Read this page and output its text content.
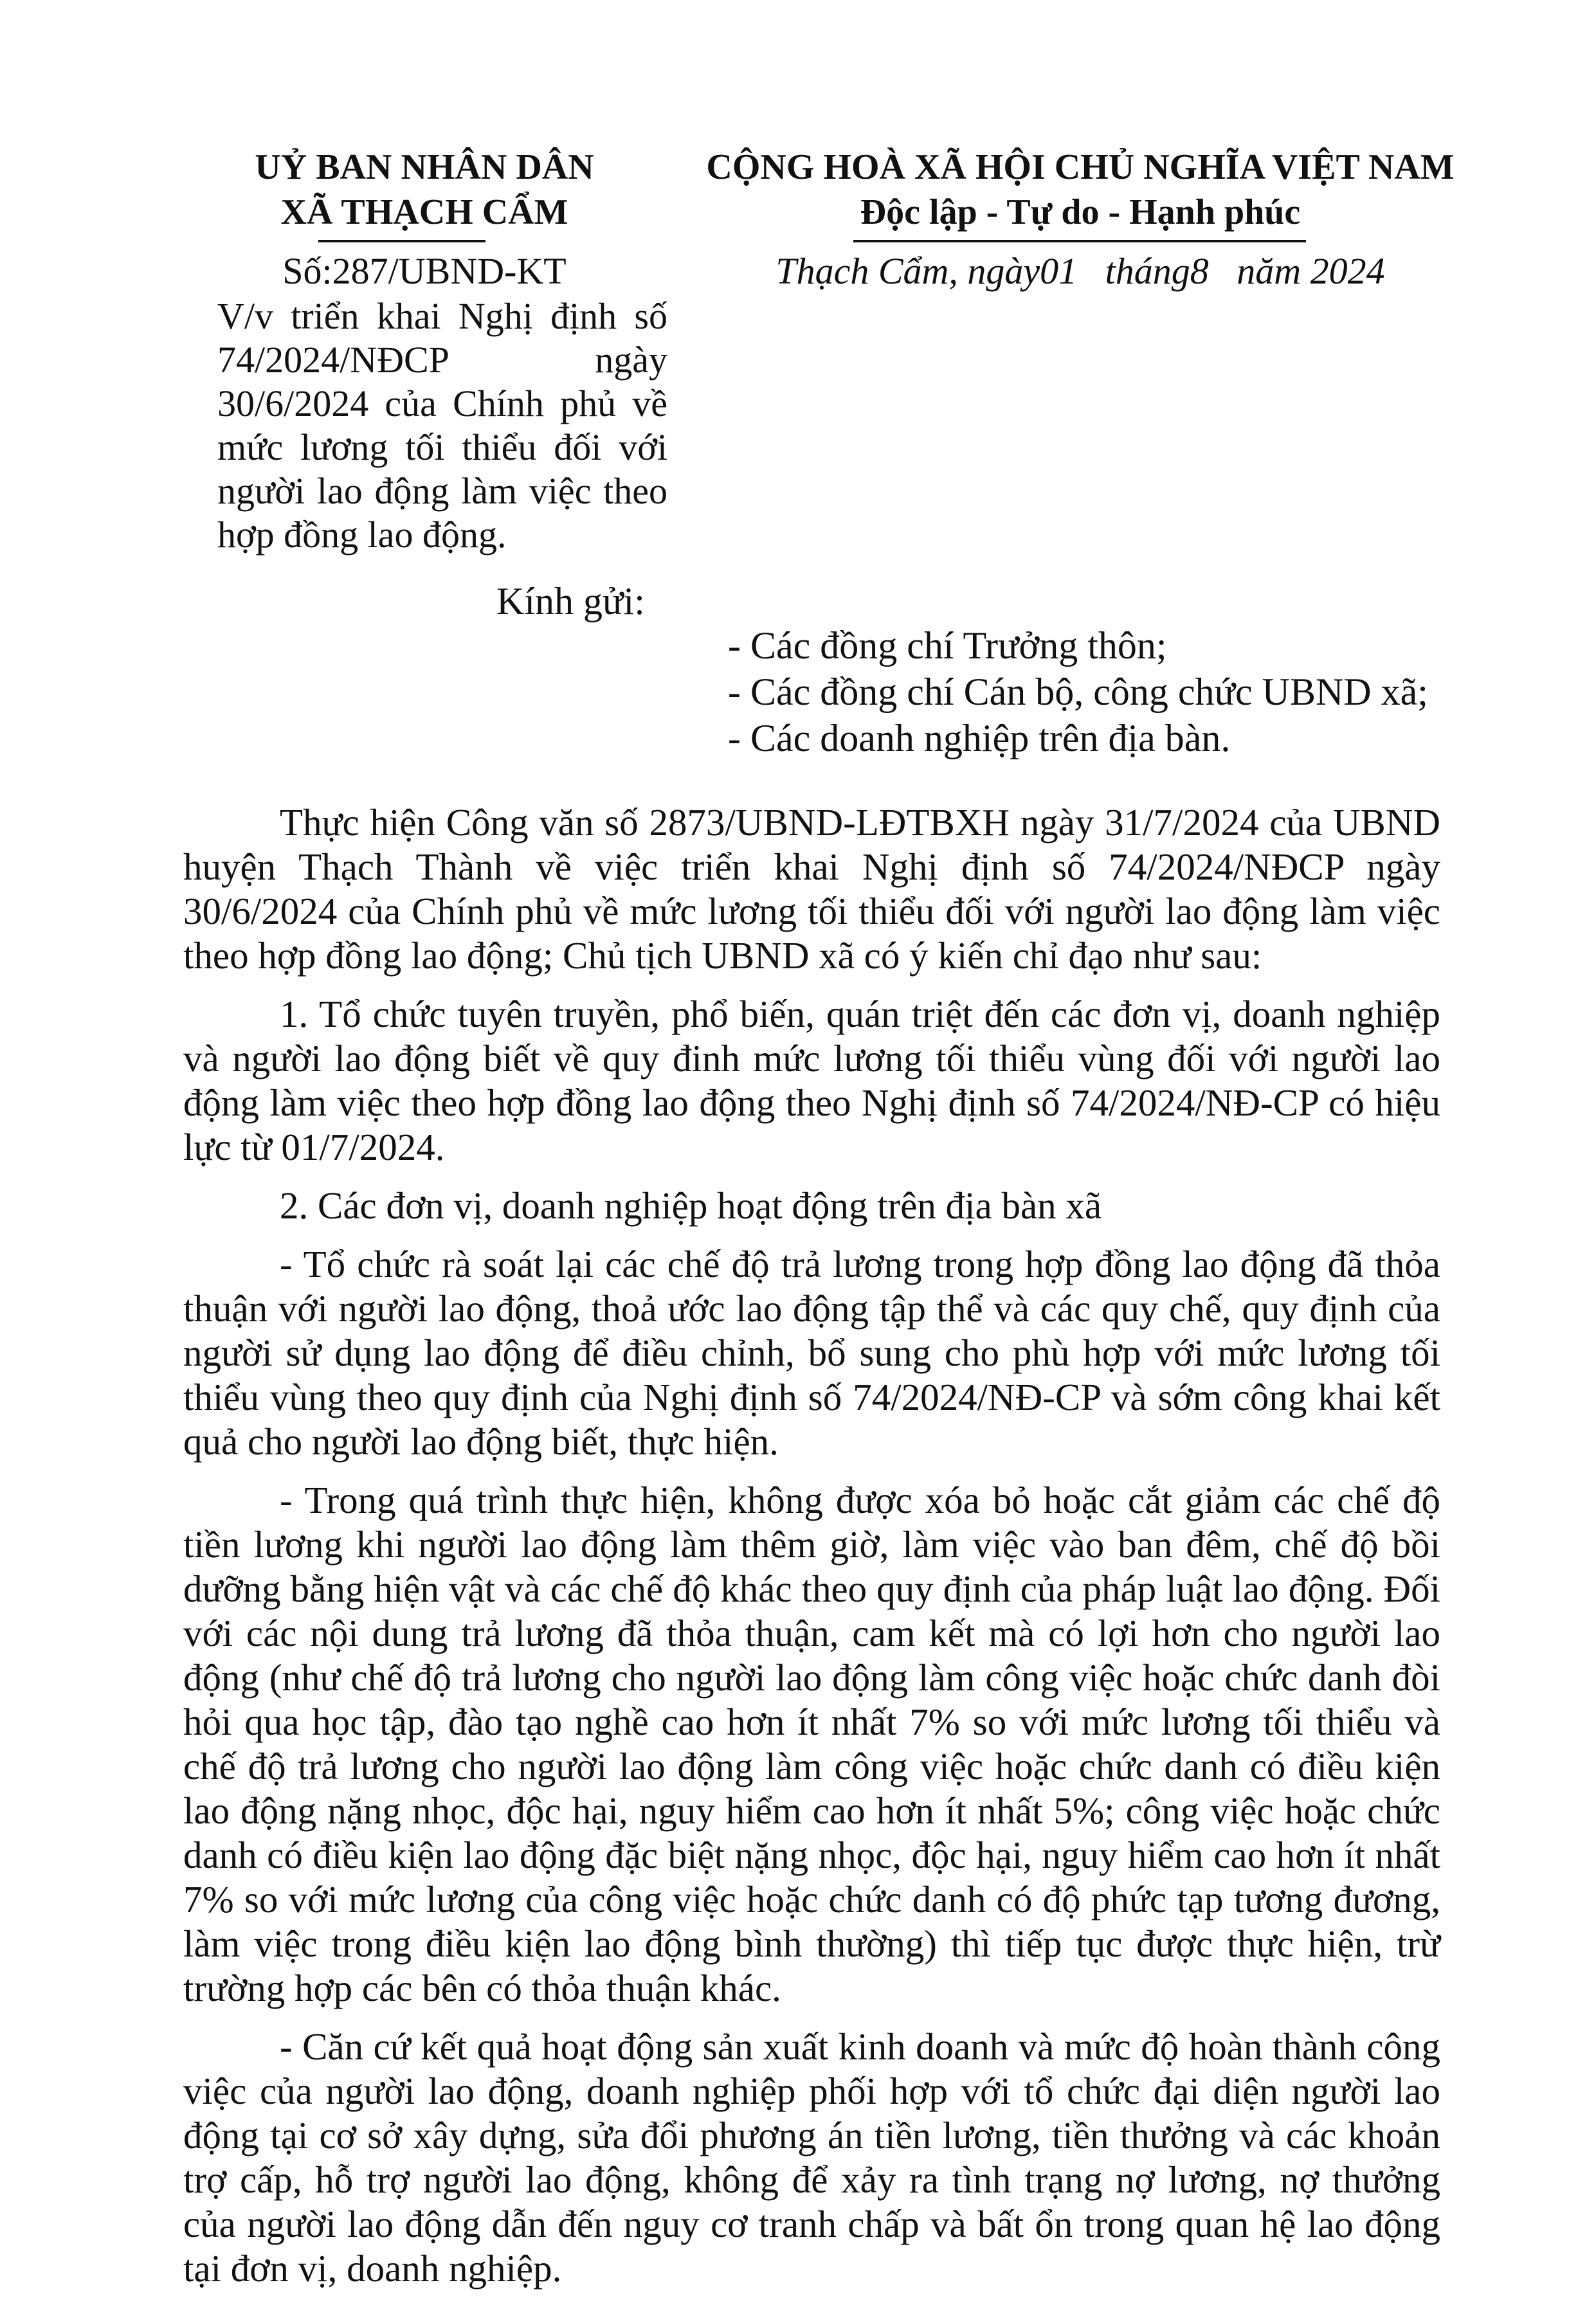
UỶ BAN NHÂN DÂN
XÃ THẠCH CẨM
Số:287/UBND-KT
CỘNG HOÀ XÃ HỘI CHỦ NGHĨA VIỆT NAM
Độc lập - Tự do - Hạnh phúc
Thạch Cẩm, ngày01   tháng8   năm 2024
V/v triển khai Nghị định số 74/2024/NĐCP ngày 30/6/2024 của Chính phủ về mức lương tối thiểu đối với người lao động làm việc theo hợp đồng lao động.
Kính gửi:
- Các đồng chí Trưởng thôn;
- Các đồng chí Cán bộ, công chức UBND xã;
- Các doanh nghiệp trên địa bàn.

Thực hiện Công văn số 2873/UBND-LĐTBXH ngày 31/7/2024 của UBND huyện Thạch Thành về việc triển khai Nghị định số 74/2024/NĐCP ngày 30/6/2024 của Chính phủ về mức lương tối thiểu đối với người lao động làm việc theo hợp đồng lao động; Chủ tịch UBND xã có ý kiến chỉ đạo như sau:

1. Tổ chức tuyên truyền, phổ biến, quán triệt đến các đơn vị, doanh nghiệp và người lao động biết về quy đinh mức lương tối thiểu vùng đối với người lao động làm việc theo hợp đồng lao động theo Nghị định số 74/2024/NĐ-CP có hiệu lực từ 01/7/2024.

2. Các đơn vị, doanh nghiệp hoạt động trên địa bàn xã

- Tổ chức rà soát lại các chế độ trả lương trong hợp đồng lao động đã thỏa thuận với người lao động, thoả ước lao động tập thể và các quy chế, quy định của người sử dụng lao động để điều chỉnh, bổ sung cho phù hợp với mức lương tối thiểu vùng theo quy định của Nghị định số 74/2024/NĐ-CP và sớm công khai kết quả cho người lao động biết, thực hiện.

- Trong quá trình thực hiện, không được xóa bỏ hoặc cắt giảm các chế độ tiền lương khi người lao động làm thêm giờ, làm việc vào ban đêm, chế độ bồi dưỡng bằng hiện vật và các chế độ khác theo quy định của pháp luật lao động. Đối với các nội dung trả lương đã thỏa thuận, cam kết mà có lợi hơn cho người lao động (như chế độ trả lương cho người lao động làm công việc hoặc chức danh đòi hỏi qua học tập, đào tạo nghề cao hơn ít nhất 7% so với mức lương tối thiểu và chế độ trả lương cho người lao động làm công việc hoặc chức danh có điều kiện lao động nặng nhọc, độc hại, nguy hiểm cao hơn ít nhất 5%; công việc hoặc chức danh có điều kiện lao động đặc biệt nặng nhọc, độc hại, nguy hiểm cao hơn ít nhất 7% so với mức lương của công việc hoặc chức danh có độ phức tạp tương đương, làm việc trong điều kiện lao động bình thường) thì tiếp tục được thực hiện, trừ trường hợp các bên có thỏa thuận khác.

- Căn cứ kết quả hoạt động sản xuất kinh doanh và mức độ hoàn thành công việc của người lao động, doanh nghiệp phối hợp với tổ chức đại diện người lao động tại cơ sở xây dựng, sửa đổi phương án tiền lương, tiền thưởng và các khoản trợ cấp, hỗ trợ người lao động, không để xảy ra tình trạng nợ lương, nợ thưởng của người lao động dẫn đến nguy cơ tranh chấp và bất ổn trong quan hệ lao động tại đơn vị, doanh nghiệp.
